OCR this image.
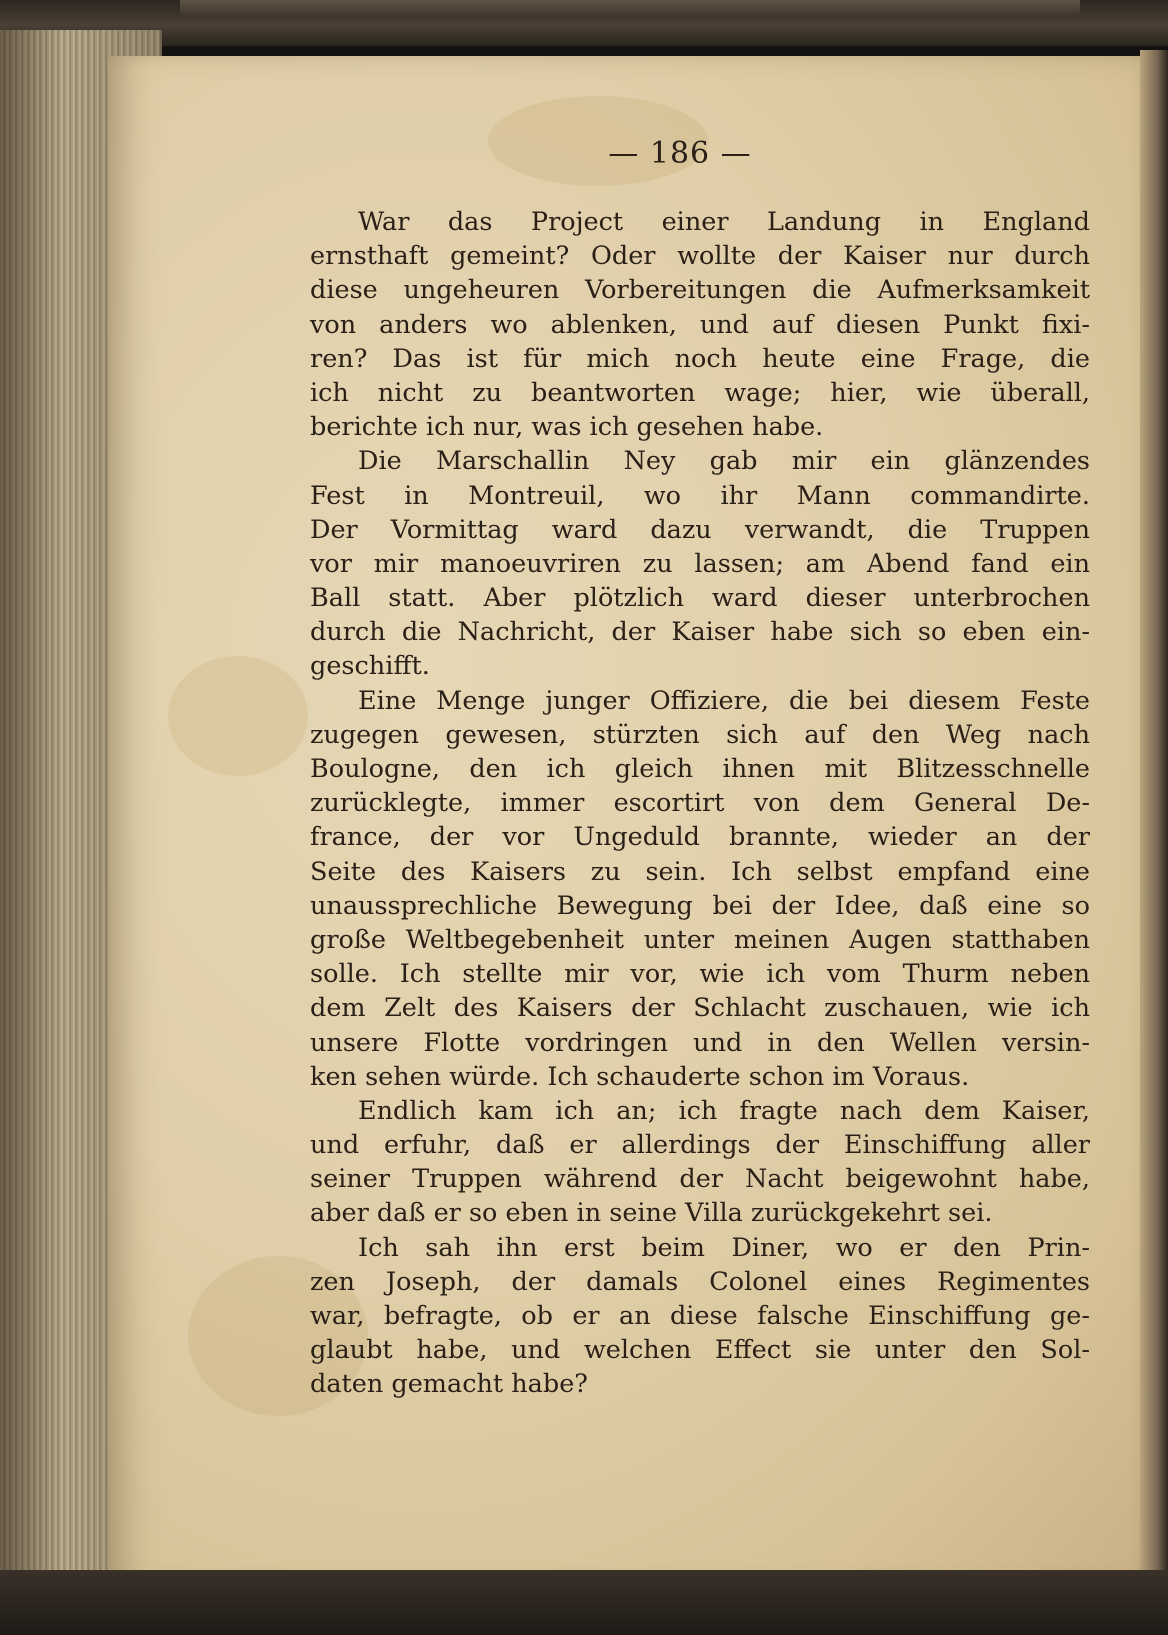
— 186 —
War das Project einer Landung in England
ernsthaft gemeint? Oder wollte der Kaiser nur durch
diese ungeheuren Vorbereitungen die Aufmerksamkeit
von anders wo ablenken, und auf diesen Punkt fixi-
ren? Das ist für mich noch heute eine Frage, die
ich nicht zu beantworten wage; hier, wie überall,
berichte ich nur, was ich gesehen habe.
Die Marschallin Ney gab mir ein glänzendes
Fest in Montreuil, wo ihr Mann commandirte.
Der Vormittag ward dazu verwandt, die Truppen
vor mir manoeuvriren zu lassen; am Abend fand ein
Ball statt. Aber plötzlich ward dieser unterbrochen
durch die Nachricht, der Kaiser habe sich so eben ein-
geschifft.
Eine Menge junger Offiziere, die bei diesem Feste
zugegen gewesen, stürzten sich auf den Weg nach
Boulogne, den ich gleich ihnen mit Blitzesschnelle
zurücklegte, immer escortirt von dem General De-
france, der vor Ungeduld brannte, wieder an der
Seite des Kaisers zu sein. Ich selbst empfand eine
unaussprechliche Bewegung bei der Idee, daß eine so
große Weltbegebenheit unter meinen Augen statthaben
solle. Ich stellte mir vor, wie ich vom Thurm neben
dem Zelt des Kaisers der Schlacht zuschauen, wie ich
unsere Flotte vordringen und in den Wellen versin-
ken sehen würde. Ich schauderte schon im Voraus.
Endlich kam ich an; ich fragte nach dem Kaiser,
und erfuhr, daß er allerdings der Einschiffung aller
seiner Truppen während der Nacht beigewohnt habe,
aber daß er so eben in seine Villa zurückgekehrt sei.
Ich sah ihn erst beim Diner, wo er den Prin-
zen Joseph, der damals Colonel eines Regimentes
war, befragte, ob er an diese falsche Einschiffung ge-
glaubt habe, und welchen Effect sie unter den Sol-
daten gemacht habe?
